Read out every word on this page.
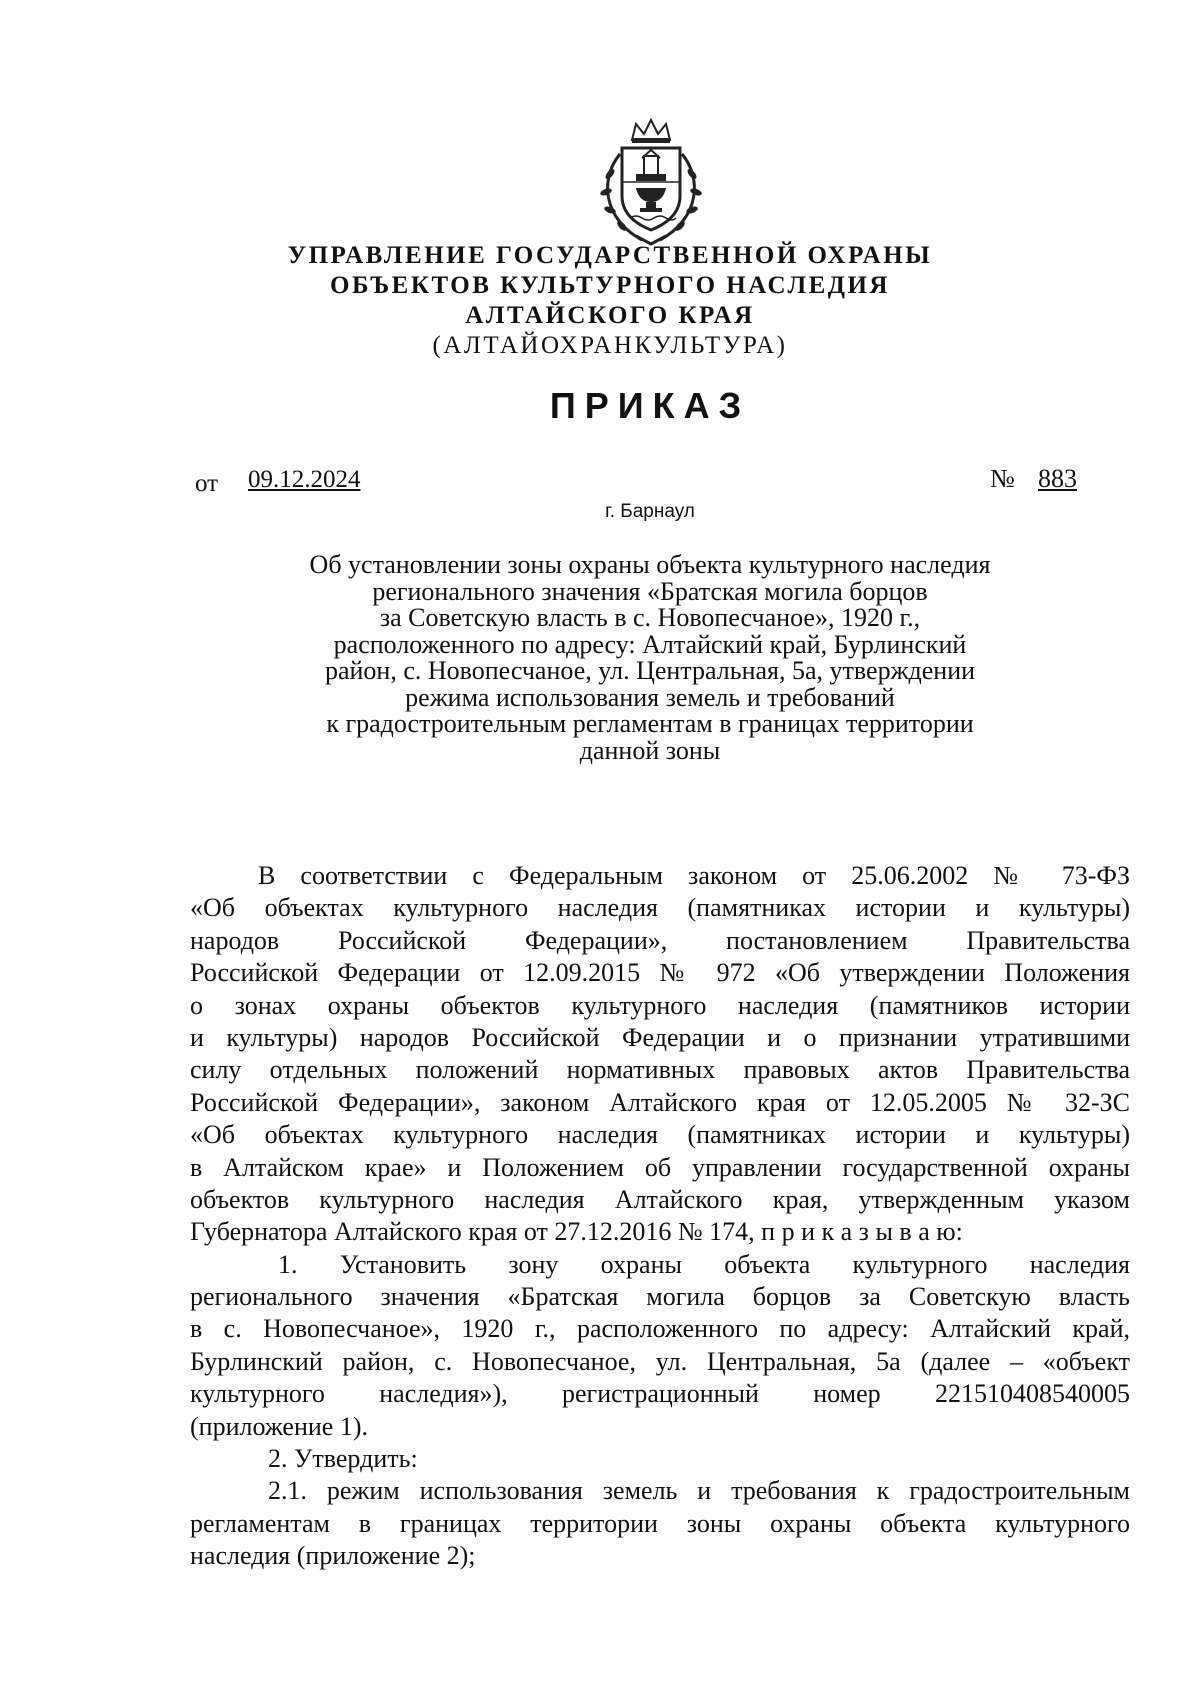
УПРАВЛЕНИЕ ГОСУДАРСТВЕННОЙ ОХРАНЫ
ОБЪЕКТОВ КУЛЬТУРНОГО НАСЛЕДИЯ
АЛТАЙСКОГО КРАЯ
(АЛТАЙОХРАНКУЛЬТУРА)
ПРИКАЗ
от 09.12.2024	№ 883
г. Барнаул
Об установлении зоны охраны объекта культурного наследия
регионального значения «Братская могила борцов
за Советскую власть в с. Новопесчаное», 1920 г.,
расположенного по адресу: Алтайский край, Бурлинский
район, с. Новопесчаное, ул. Центральная, 5а, утверждении
режима использования земель и требований
к градостроительным регламентам в границах территории
данной зоны
В соответствии с Федеральным законом от 25.06.2002 № 73-ФЗ
«Об объектах культурного наследия (памятниках истории и культуры)
народов Российской Федерации», постановлением Правительства
Российской Федерации от 12.09.2015 № 972 «Об утверждении Положения
о зонах охраны объектов культурного наследия (памятников истории
и культуры) народов Российской Федерации и о признании утратившими
силу отдельных положений нормативных правовых актов Правительства
Российской Федерации», законом Алтайского края от 12.05.2005 № 32-ЗС
«Об объектах культурного наследия (памятниках истории и культуры)
в Алтайском крае» и Положением об управлении государственной охраны
объектов культурного наследия Алтайского края, утвержденным указом
Губернатора Алтайского края от 27.12.2016 № 174, п р и к а з ы в а ю:
1. Установить зону охраны объекта культурного наследия
регионального значения «Братская могила борцов за Советскую власть
в с. Новопесчаное», 1920 г., расположенного по адресу: Алтайский край,
Бурлинский район, с. Новопесчаное, ул. Центральная, 5а (далее – «объект
культурного наследия»), регистрационный номер 221510408540005
(приложение 1).
2. Утвердить:
2.1. режим использования земель и требования к градостроительным
регламентам в границах территории зоны охраны объекта культурного
наследия (приложение 2);
